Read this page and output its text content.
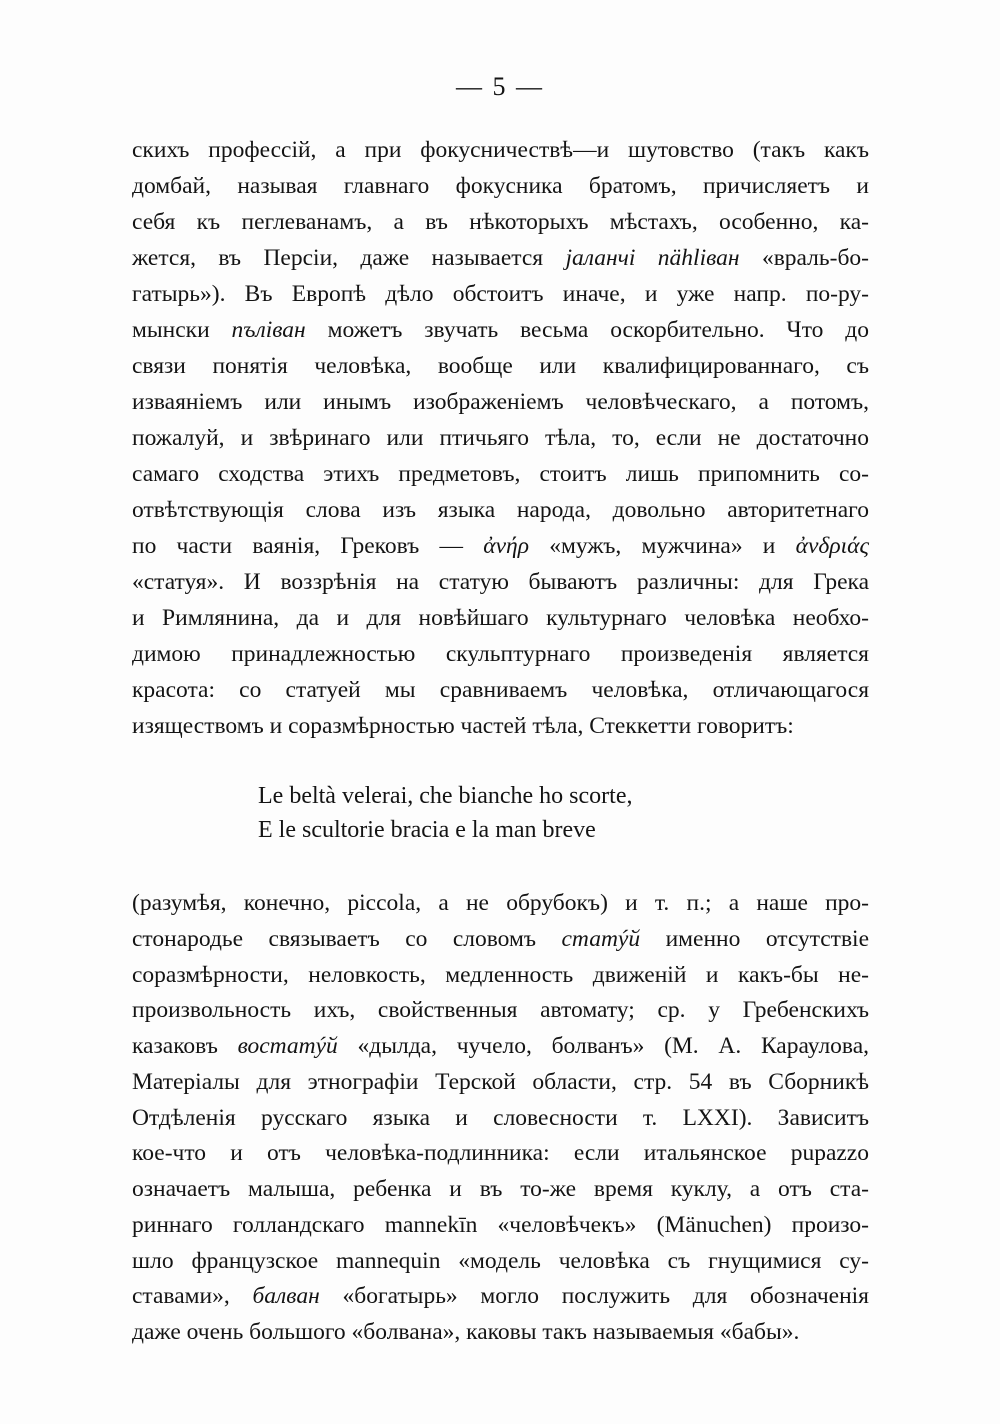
— 5 —
скихъ профессій, а при фокусничествѣ—и шутовство (такъ какъ
домбай, называя главнаго фокусника братомъ, причисляетъ и
себя къ пеглеванамъ, а въ нѣкоторыхъ мѣстахъ, особенно, ка-
жется, въ Персіи, даже называется jаланчі пähliван «враль-бо-
гатырь»). Въ Европѣ дѣло обстоитъ иначе, и уже напр. по-ру-
мынски пълiван можетъ звучать весьма оскорбительно. Что до
связи понятія человѣка, вообще или квалифицированнаго, съ
изваяніемъ или инымъ изображеніемъ человѣческаго, а потомъ,
пожалуй, и звѣринаго или птичьяго тѣла, то, если не достаточно
самаго сходства этихъ предметовъ, стоитъ лишь припомнить со-
отвѣтствующія слова изъ языка народа, довольно авторитетнаго
по части ваянія, Грековъ — ἀνήρ «мужъ, мужчина» и ἀνδριάς
«статуя». И воззрѣнія на статую бываютъ различны: для Грека
и Римлянина, да и для новѣйшаго культурнаго человѣка необхо-
димою принадлежностью скульптурнаго произведенія является
красота: со статуей мы сравниваемъ человѣка, отличающагося
изяществомъ и соразмѣрностью частей тѣла, Стеккетти говоритъ:
Le beltà velerai, che bianche ho scorte,
E le scultorie bracia e la man breve
(разумѣя, конечно, piccola, а не обрубокъ) и т. п.; а наше про-
стонародье связываетъ со словомъ статýй именно отсутствіе
соразмѣрности, неловкость, медленность движеній и какъ-бы не-
произвольность ихъ, свойственныя автомату; ср. у Гребенскихъ
казаковъ востатýй «дылда, чучело, болванъ» (М. А. Караулова,
Матеріалы для этнографіи Терской области, стр. 54 въ Сборникѣ
Отдѣленія русскаго языка и словесности т. LXXI). Зависитъ
кое-что и отъ человѣка-подлинника: если итальянское pupazzo
означаетъ малыша, ребенка и въ то-же время куклу, а отъ ста-
риннаго голландскаго mannekīn «человѣчекъ» (Mänuchen) произо-
шло французское mannequin «модель человѣка съ гнущимися су-
ставами», балван «богатырь» могло послужить для обозначенія
даже очень большого «болвана», каковы такъ называемыя «бабы».
